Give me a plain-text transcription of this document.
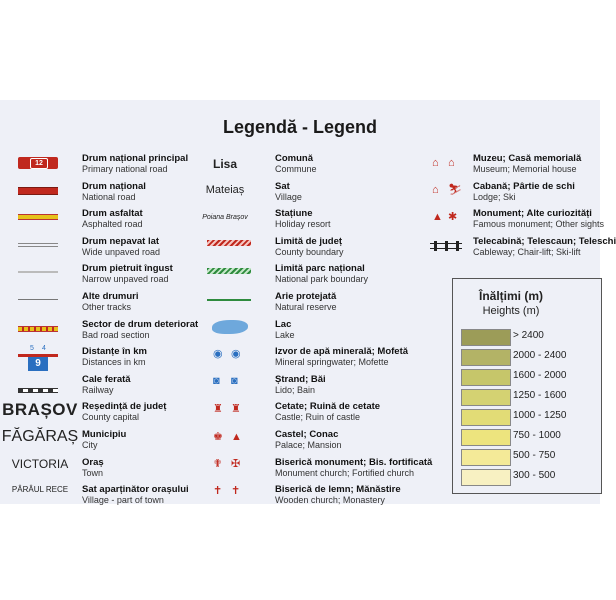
Legendă - Legend
12
5 4
9
BRAȘOV
FĂGĂRAȘ
VICTORIA
PÂRÂUL RECE
Drum național principal
Primary national road
Drum național
National road
Drum asfaltat
Asphalted road
Drum nepavat lat
Wide unpaved road
Drum pietruit îngust
Narrow unpaved road
Alte drumuri
Other tracks
Sector de drum deteriorat
Bad road section
Distanțe în km
Distances in km
Cale ferată
Railway
Reședință de județ
County capital
Municipiu
City
Oraș
Town
Sat aparținător orașului
Village - part of town
Lisa
Mateiaș
Poiana Brașov
◉ ◉
◙ ◙
♜ ♜
♚ ▲
✟ ✠
✝ ✝
Comună
Commune
Sat
Village
Stațiune
Holiday resort
Limită de județ
County boundary
Limită parc național
National park boundary
Arie protejată
Natural reserve
Lac
Lake
Izvor de apă minerală; Mofetă
Mineral springwater; Mofette
Ștrand; Băi
Lido; Bain
Cetate; Ruină de cetate
Castle; Ruin of castle
Castel; Conac
Palace; Mansion
Biserică monument; Bis. fortificată
Monument church; Fortified church
Biserică de lemn; Mănăstire
Wooden church; Monastery
⌂ ⌂
⌂ ⛷
▲ ✱
Muzeu; Casă memorială
Museum; Memorial house
Cabană; Pârtie de schi
Lodge; Ski
Monument; Alte curiozități
Famous monument; Other sights
Telecabină; Telescaun; Teleschi
Cableway; Chair-lift; Ski-lift
Înălțimi (m)
Heights (m)
> 2400
2000 - 2400
1600 - 2000
1250 - 1600
1000 - 1250
750 - 1000
500 - 750
300 - 500
